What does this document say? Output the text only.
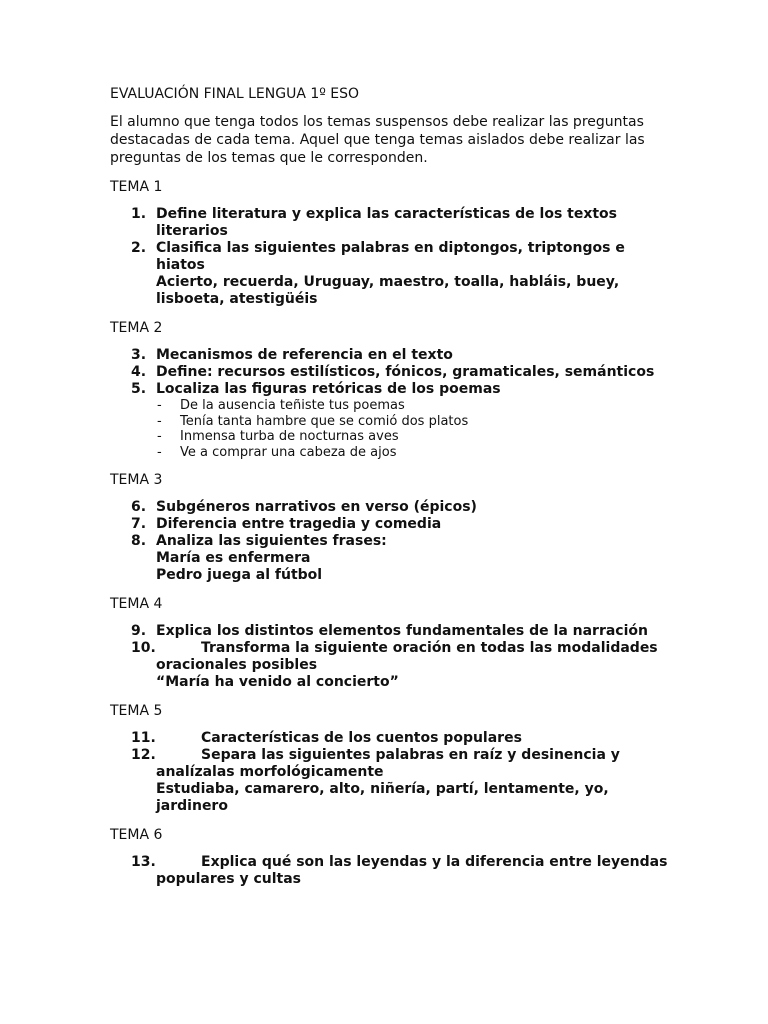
EVALUACIÓN FINAL LENGUA 1º ESO
El alumno que tenga todos los temas suspensos debe realizar las preguntas destacadas de cada tema. Aquel que tenga temas aislados debe realizar las preguntas de los temas que le corresponden.
TEMA 1
1. Define literatura y explica las características de los textos literarios
2. Clasifica las siguientes palabras en diptongos, triptongos e hiatos
Acierto, recuerda, Uruguay, maestro, toalla, habláis, buey, lisboeta, atestigüéis
TEMA 2
3. Mecanismos de referencia en el texto
4. Define: recursos estilísticos, fónicos, gramaticales, semánticos
5. Localiza las figuras retóricas de los poemas
- De la ausencia teñiste tus poemas
- Tenía tanta hambre que se comió dos platos
- Inmensa turba de nocturnas aves
- Ve a comprar una cabeza de ajos
TEMA 3
6. Subgéneros narrativos en verso (épicos)
7. Diferencia entre tragedia y comedia
8. Analiza las siguientes frases:
María es enfermera
Pedro juega al fútbol
TEMA 4
9. Explica los distintos elementos fundamentales de la narración
10.	Transforma la siguiente oración en todas las modalidades oracionales posibles
“María ha venido al concierto”
TEMA 5
11.	Características de los cuentos populares
12.	Separa las siguientes palabras en raíz y desinencia y analízalas morfológicamente
Estudiaba, camarero, alto, niñería, partí, lentamente, yo, jardinero
TEMA 6
13.	Explica qué son las leyendas y la diferencia entre leyendas populares y cultas
